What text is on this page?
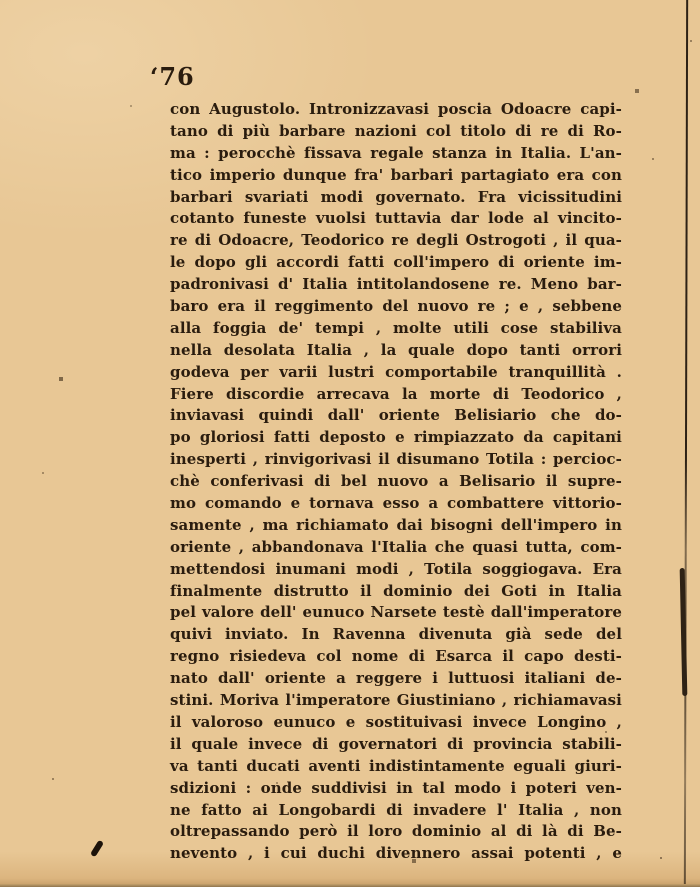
‘76
con Augustolo. Intronizzavasi poscia Odoacre capi-
tano di più barbare nazioni col titolo di re di Ro-
ma : perocchè fissava regale stanza in Italia. L'an-
tico imperio dunque fra' barbari partagiato era con
barbari svariati modi governato. Fra vicissitudini
cotanto funeste vuolsi tuttavia dar lode al vincito-
re di Odoacre, Teodorico re degli Ostrogoti , il qua-
le dopo gli accordi fatti coll'impero di oriente im-
padronivasi d' Italia intitolandosene re. Meno bar-
baro era il reggimento del nuovo re ; e , sebbene
alla foggia de' tempi , molte utili cose stabiliva
nella desolata Italia , la quale dopo tanti orrori
godeva per varii lustri comportabile tranquillità .
Fiere discordie arrecava la morte di Teodorico ,
inviavasi quindi dall' oriente Belisiario che do-
po gloriosi fatti deposto e rimpiazzato da capitani
inesperti , rinvigorivasi il disumano Totila : percioc-
chè conferivasi di bel nuovo a Belisario il supre-
mo comando e tornava esso a combattere vittorio-
samente , ma richiamato dai bisogni dell'impero in
oriente , abbandonava l'Italia che quasi tutta, com-
mettendosi inumani modi , Totila soggiogava. Era
finalmente distrutto il dominio dei Goti in Italia
pel valore dell' eunuco Narsete testè dall'imperatore
quivi inviato. In Ravenna divenuta già sede del
regno risiedeva col nome di Esarca il capo desti-
nato dall' oriente a reggere i luttuosi italiani de-
stini. Moriva l'imperatore Giustiniano , richiamavasi
il valoroso eunuco e sostituivasi invece Longino ,
il quale invece di governatori di provincia stabili-
va tanti ducati aventi indistintamente eguali giuri-
sdizioni : onde suddivisi in tal modo i poteri ven-
ne fatto ai Longobardi di invadere l' Italia , non
oltrepassando però il loro dominio al di là di Be-
nevento , i cui duchi divennero assai potenti , e
